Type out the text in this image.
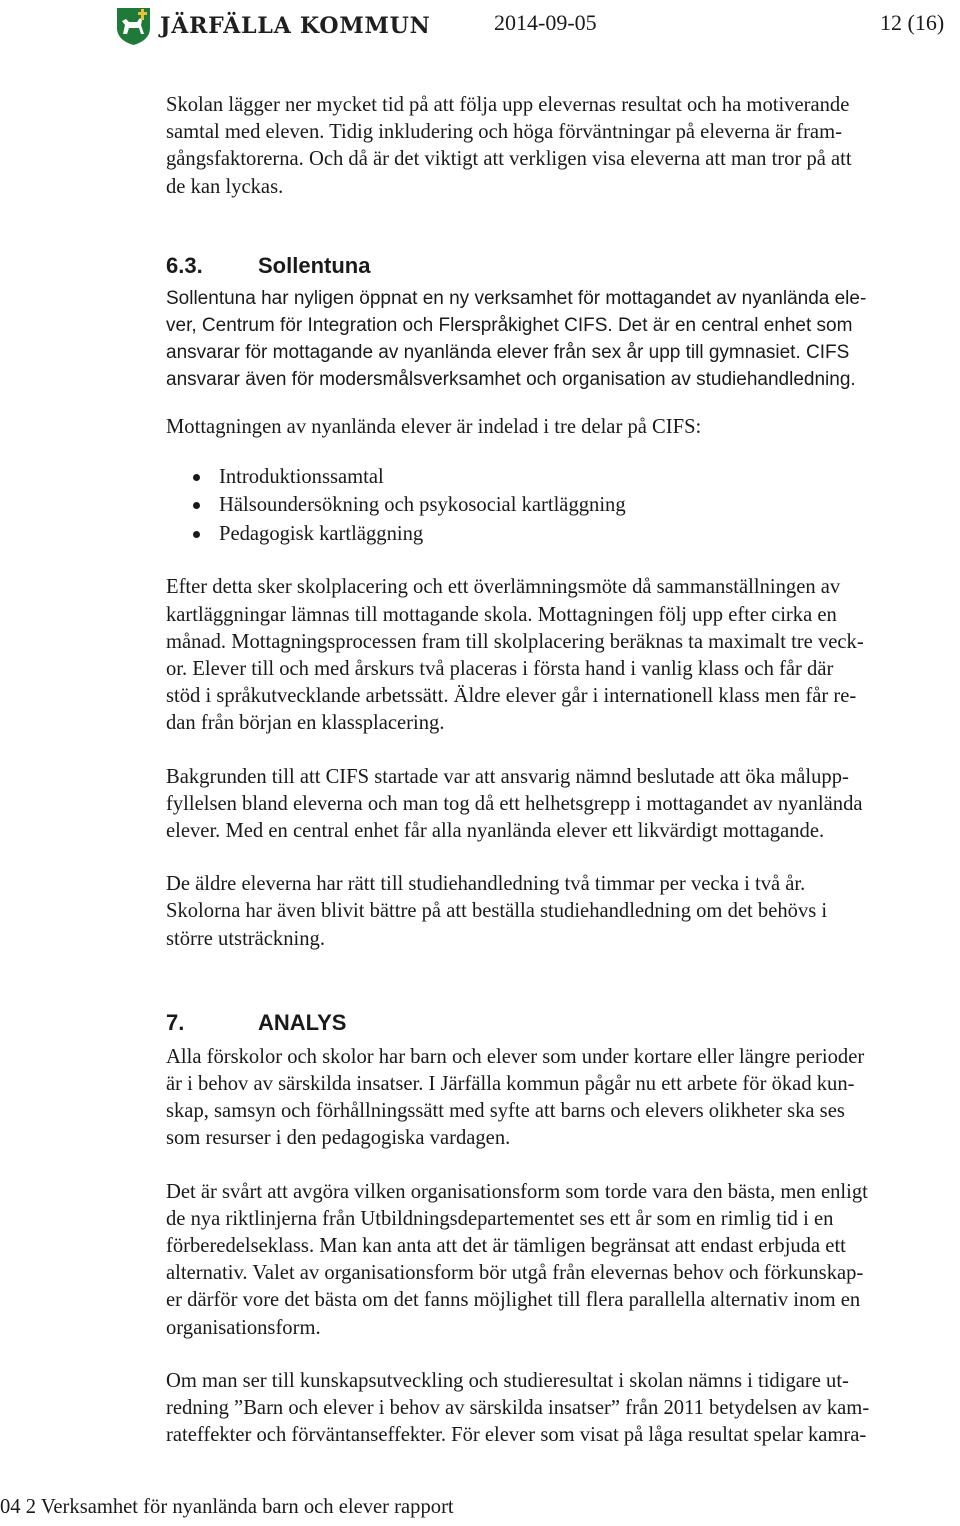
JÄRFÄLLA KOMMUN	2014-09-05	12 (16)
Skolan lägger ner mycket tid på att följa upp elevernas resultat och ha motiverande
samtal med eleven. Tidig inkludering och höga förväntningar på eleverna är fram-
gångsfaktorerna. Och då är det viktigt att verkligen visa eleverna att man tror på att
de kan lyckas.
6.3.	Sollentuna
Sollentuna har nyligen öppnat en ny verksamhet för mottagandet av nyanlända ele-
ver, Centrum för Integration och Flerspråkighet CIFS. Det är en central enhet som
ansvarar för mottagande av nyanlända elever från sex år upp till gymnasiet. CIFS
ansvarar även för modersmålsverksamhet och organisation av studiehandledning.
Mottagningen av nyanlända elever är indelad i tre delar på CIFS:
Introduktionssamtal
Hälsoundersökning och psykosocial kartläggning
Pedagogisk kartläggning
Efter detta sker skolplacering och ett överlämningsmöte då sammanställningen av
kartläggningar lämnas till mottagande skola. Mottagningen följ upp efter cirka en
månad. Mottagningsprocessen fram till skolplacering beräknas ta maximalt tre veck-
or. Elever till och med årskurs två placeras i första hand i vanlig klass och får där
stöd i språkutvecklande arbetssätt. Äldre elever går i internationell klass men får re-
dan från början en klassplacering.
Bakgrunden till att CIFS startade var att ansvarig nämnd beslutade att öka målupp-
fyllelsen bland eleverna och man tog då ett helhetsgrepp i mottagandet av nyanlända
elever. Med en central enhet får alla nyanlända elever ett likvärdigt mottagande.
De äldre eleverna har rätt till studiehandledning två timmar per vecka i två år.
Skolorna har även blivit bättre på att beställa studiehandledning om det behövs i
större utsträckning.
7.	ANALYS
Alla förskolor och skolor har barn och elever som under kortare eller längre perioder
är i behov av särskilda insatser. I Järfälla kommun pågår nu ett arbete för ökad kun-
skap, samsyn och förhållningssätt med syfte att barns och elevers olikheter ska ses
som resurser i den pedagogiska vardagen.
Det är svårt att avgöra vilken organisationsform som torde vara den bästa, men enligt
de nya riktlinjerna från Utbildningsdepartementet ses ett år som en rimlig tid i en
förberedelseklass. Man kan anta att det är tämligen begränsat att endast erbjuda ett
alternativ. Valet av organisationsform bör utgå från elevernas behov och förkunskap-
er därför vore det bästa om det fanns möjlighet till flera parallella alternativ inom en
organisationsform.
Om man ser till kunskapsutveckling och studieresultat i skolan nämns i tidigare ut-
redning ”Barn och elever i behov av särskilda insatser” från 2011 betydelsen av kam-
rateffekter och förväntanseffekter. För elever som visat på låga resultat spelar kamra-
04 2 Verksamhet för nyanlända barn och elever rapport
